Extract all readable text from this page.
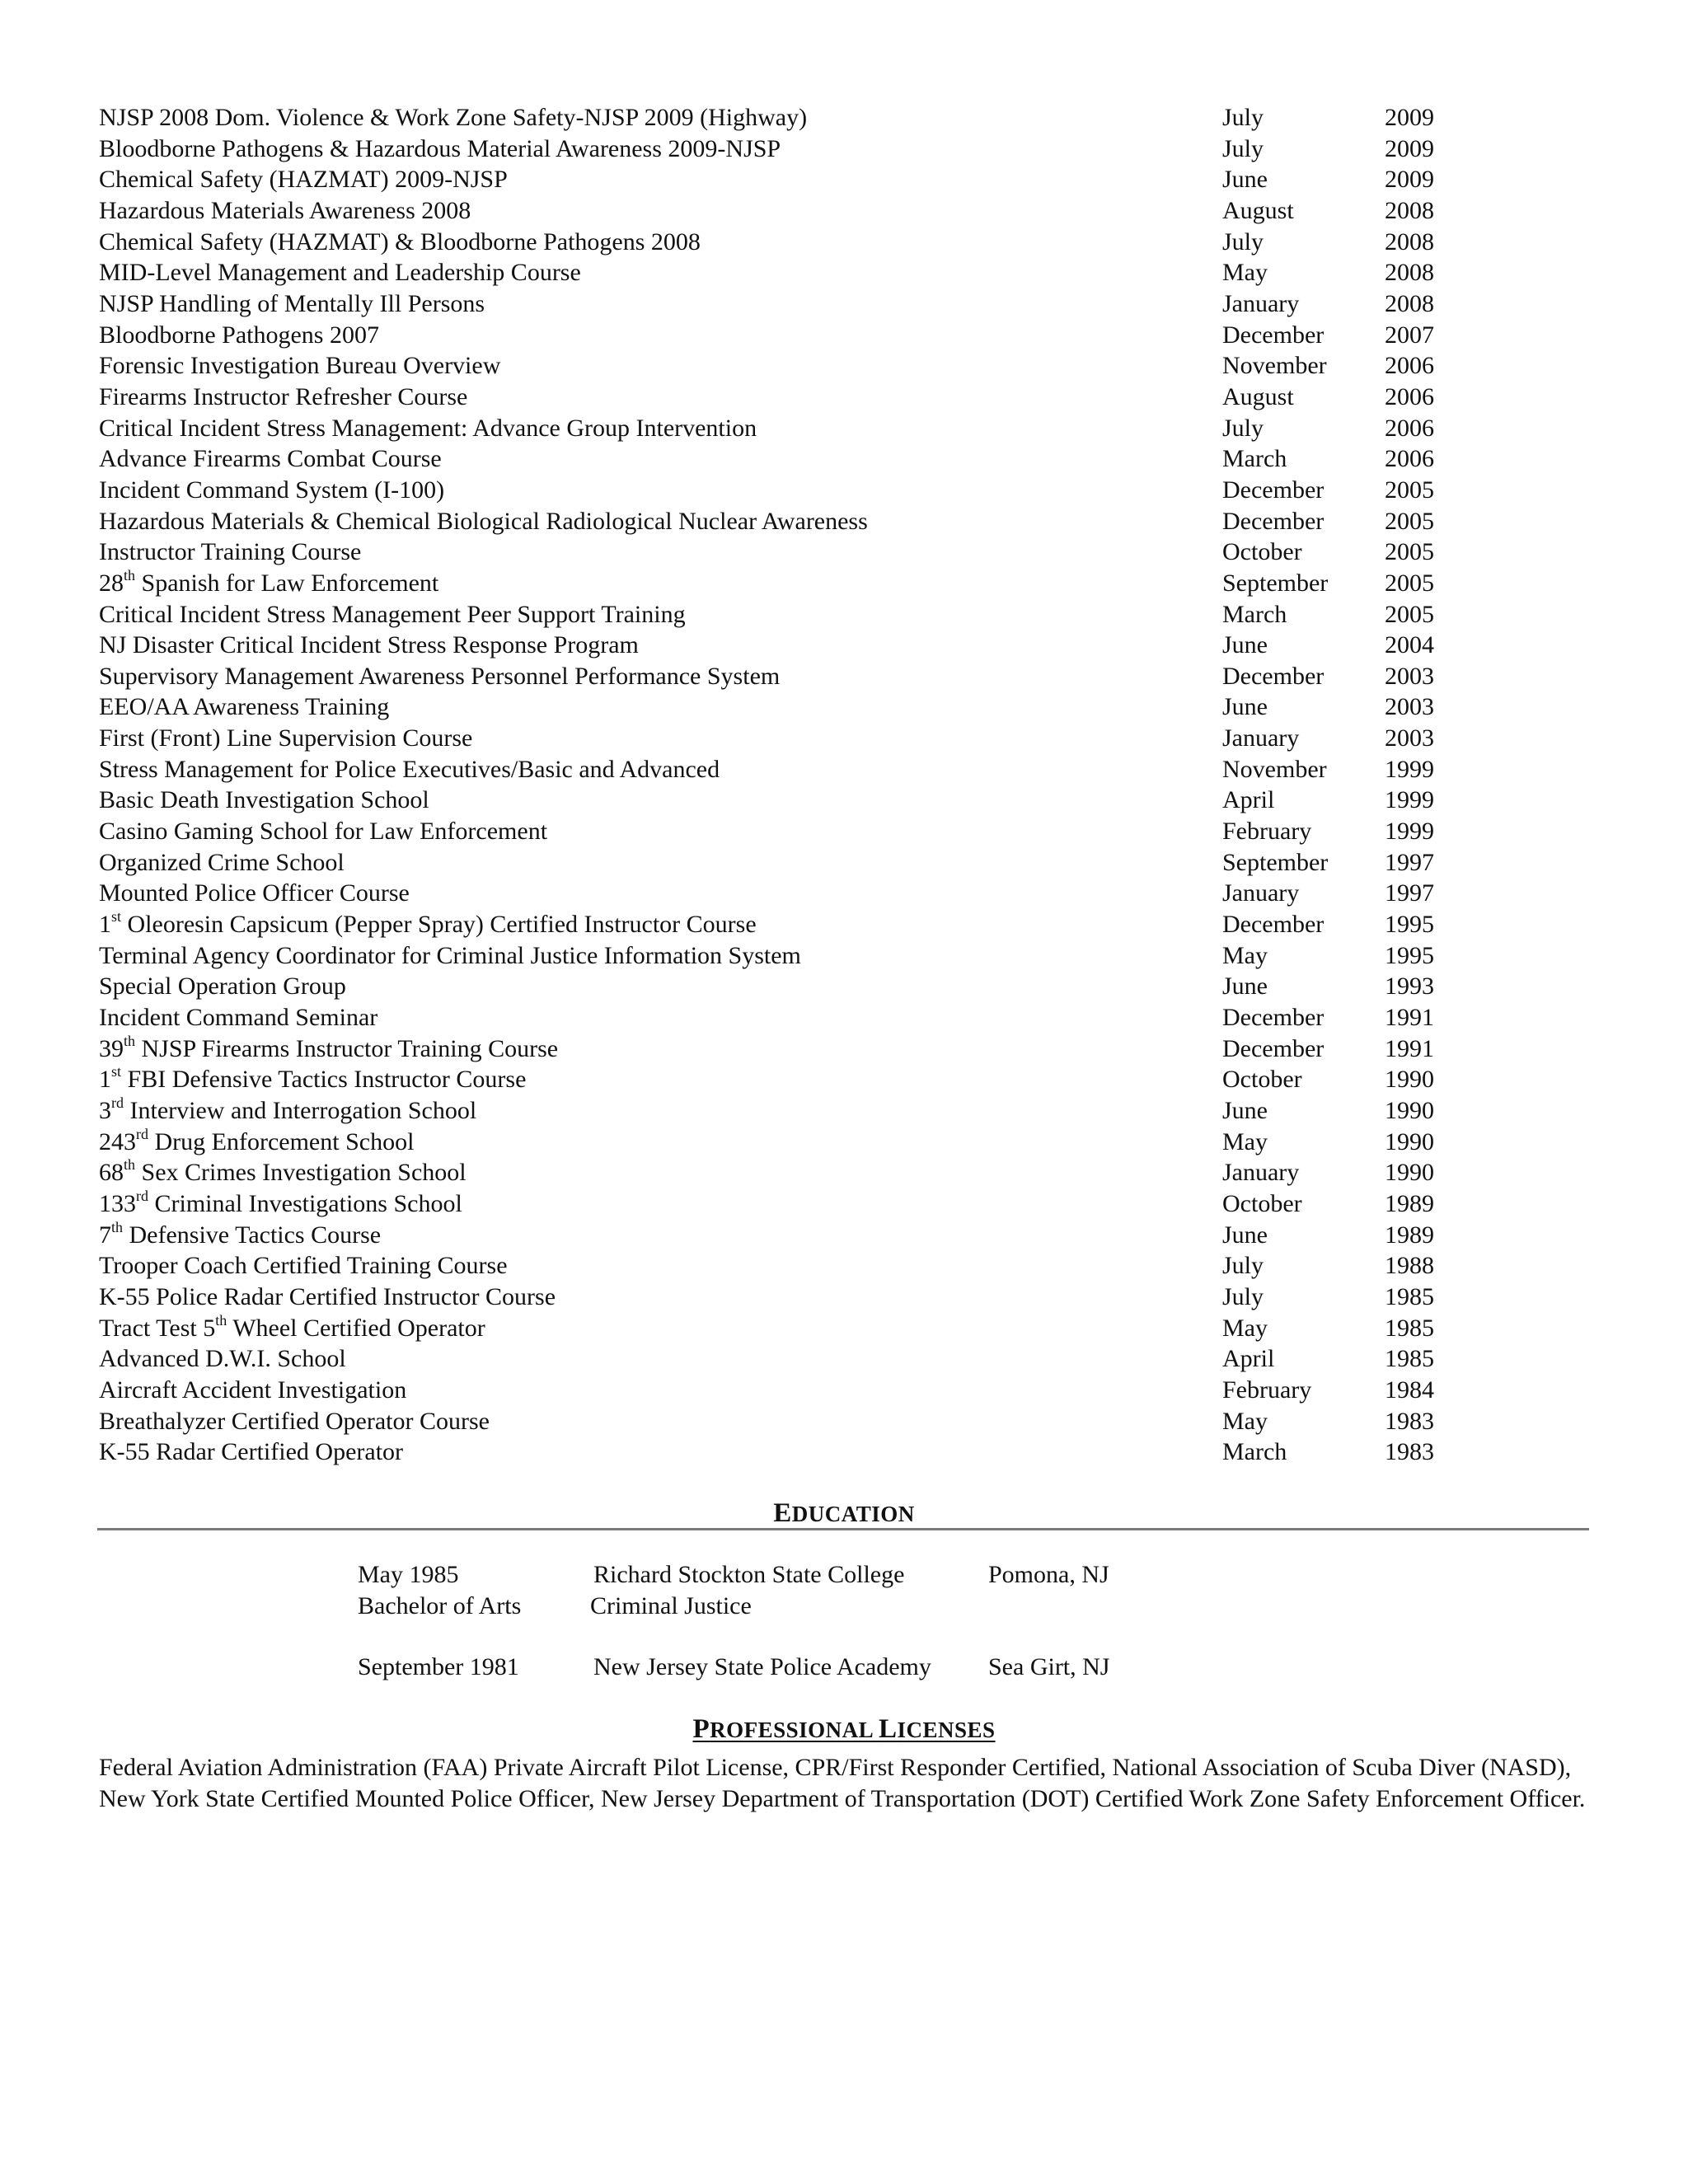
NJSP 2008 Dom. Violence & Work Zone Safety-NJSP 2009 (Highway)	July	2009
Bloodborne Pathogens & Hazardous Material Awareness 2009-NJSP	July	2009
Chemical Safety (HAZMAT) 2009-NJSP	June	2009
Hazardous Materials Awareness 2008	August	2008
Chemical Safety (HAZMAT) & Bloodborne Pathogens 2008	July	2008
MID-Level Management and Leadership Course	May	2008
NJSP Handling of Mentally Ill Persons	January	2008
Bloodborne Pathogens 2007	December 2007
Forensic Investigation Bureau Overview	November 2006
Firearms Instructor Refresher Course	August	2006
Critical Incident Stress Management: Advance Group Intervention	July	2006
Advance Firearms Combat Course	March	2006
Incident Command System (I-100)	December 2005
Hazardous Materials & Chemical Biological Radiological Nuclear Awareness	December 2005
Instructor Training Course	October	2005
28th Spanish for Law Enforcement	September 2005
Critical Incident Stress Management Peer Support Training	March	2005
NJ Disaster Critical Incident Stress Response Program	June	2004
Supervisory Management Awareness Personnel Performance System	December 2003
EEO/AA Awareness Training	June	2003
First (Front) Line Supervision Course	January	2003
Stress Management for Police Executives/Basic and Advanced	November 1999
Basic Death Investigation School	April	1999
Casino Gaming School for Law Enforcement	February	1999
Organized Crime School	September 1997
Mounted Police Officer Course	January	1997
1st Oleoresin Capsicum (Pepper Spray) Certified Instructor Course	December 1995
Terminal Agency Coordinator for Criminal Justice Information System	May	1995
Special Operation Group	June	1993
Incident Command Seminar	December 1991
39th NJSP Firearms Instructor Training Course	December 1991
1st FBI Defensive Tactics Instructor Course	October	1990
3rd Interview and Interrogation School	June	1990
243rd Drug Enforcement School	May	1990
68th Sex Crimes Investigation School	January	1990
133rd Criminal Investigations School	October	1989
7th Defensive Tactics Course	June	1989
Trooper Coach Certified Training Course	July	1988
K-55 Police Radar Certified Instructor Course	July	1985
Tract Test 5th Wheel Certified Operator	May	1985
Advanced D.W.I. School	April	1985
Aircraft Accident Investigation	February	1984
Breathalyzer Certified Operator Course	May	1983
K-55 Radar Certified Operator	March	1983
EDUCATION
May 1985	Richard Stockton State College	Pomona, NJ
Bachelor of Arts	Criminal Justice
September 1981	New Jersey State Police Academy Sea Girt, NJ
PROFESSIONAL LICENSES
Federal Aviation Administration (FAA) Private Aircraft Pilot License, CPR/First Responder Certified, National Association of Scuba Diver (NASD), New York State Certified Mounted Police Officer, New Jersey Department of Transportation (DOT) Certified Work Zone Safety Enforcement Officer.
